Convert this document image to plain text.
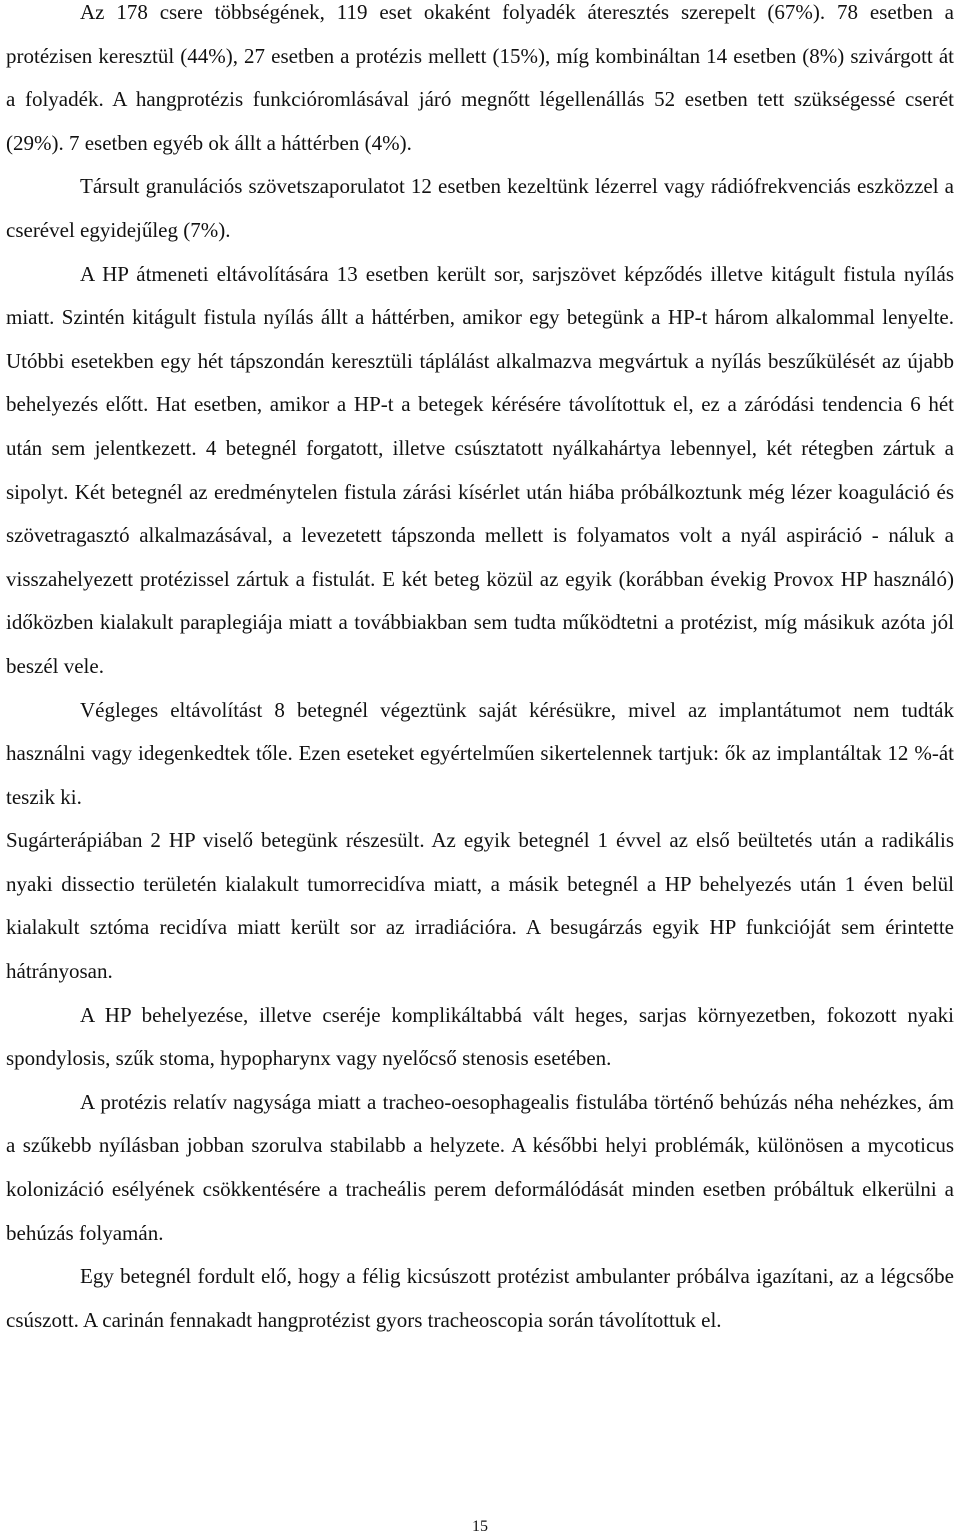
Az 178 csere többségének, 119 eset okaként folyadék áteresztés szerepelt (67%). 78 esetben a protézisen keresztül (44%), 27 esetben a protézis mellett (15%), míg kombináltan 14 esetben (8%) szivárgott át a folyadék. A hangprotézis funkcióromlásával járó megnőtt légellenállás 52 esetben tett szükségessé cserét (29%). 7 esetben egyéb ok állt a háttérben (4%).

Társult granulációs szövetszaporulatot 12 esetben kezeltünk lézerrel vagy rádiófrekvenciás eszközzel a cserével egyidejűleg (7%).

A HP átmeneti eltávolítására 13 esetben került sor, sarjszövet képződés illetve kitágult fistula nyílás miatt. Szintén kitágult fistula nyílás állt a háttérben, amikor egy betegünk a HP-t három alkalommal lenyelte. Utóbbi esetekben egy hét tápszondán keresztüli táplálást alkalmazva megvártuk a nyílás beszűkülését az újabb behelyezés előtt. Hat esetben, amikor a HP-t a betegek kérésére távolítottuk el, ez a záródási tendencia 6 hét után sem jelentkezett. 4 betegnél forgatott, illetve csúsztatott nyálkahártya lebennyel, két rétegben zártuk a sipolyt. Két betegnél az eredménytelen fistula zárási kísérlet után hiába próbálkoztunk még lézer koaguláció és szövetragasztó alkalmazásával, a levezetett tápszonda mellett is folyamatos volt a nyál aspiráció - náluk a visszahelyezett protézissel zártuk a fistulát. E két beteg közül az egyik (korábban évekig Provox HP használó) időközben kialakult paraplegiája miatt a továbbiakban sem tudta működtetni a protézist, míg másikuk azóta jól beszél vele.

Végleges eltávolítást 8 betegnél végeztünk saját kérésükre, mivel az implantátumot nem tudták használni vagy idegenkedtek tőle. Ezen eseteket egyértelműen sikertelennek tartjuk: ők az implantáltak 12 %-át teszik ki.

Sugárterápiában 2 HP viselő betegünk részesült. Az egyik betegnél 1 évvel az első beültetés után a radikális nyaki dissectio területén kialakult tumorrecidíva miatt, a másik betegnél a HP behelyezés után 1 éven belül kialakult sztóma recidíva miatt került sor az irradiációra. A besugárzás egyik HP funkcióját sem érintette hátrányosan.

A HP behelyezése, illetve cseréje komplikáltabbá vált heges, sarjas környezetben, fokozott nyaki spondylosis, szűk stoma, hypopharynx vagy nyelőcső stenosis esetében.

A protézis relatív nagysága miatt a tracheo-oesophagealis fistulába történő behúzás néha nehézkes, ám a szűkebb nyílásban jobban szorulva stabilabb a helyzete. A későbbi helyi problémák, különösen a mycoticus kolonizáció esélyének csökkentésére a tracheális perem deformálódását minden esetben próbáltuk elkerülni a behúzás folyamán.

Egy betegnél fordult elő, hogy a félig kicsúszott protézist ambulanter próbálva igazítani, az a légcsőbe csúszott. A carinán fennakadt hangprotézist gyors tracheoscopia során távolítottuk el.

15
